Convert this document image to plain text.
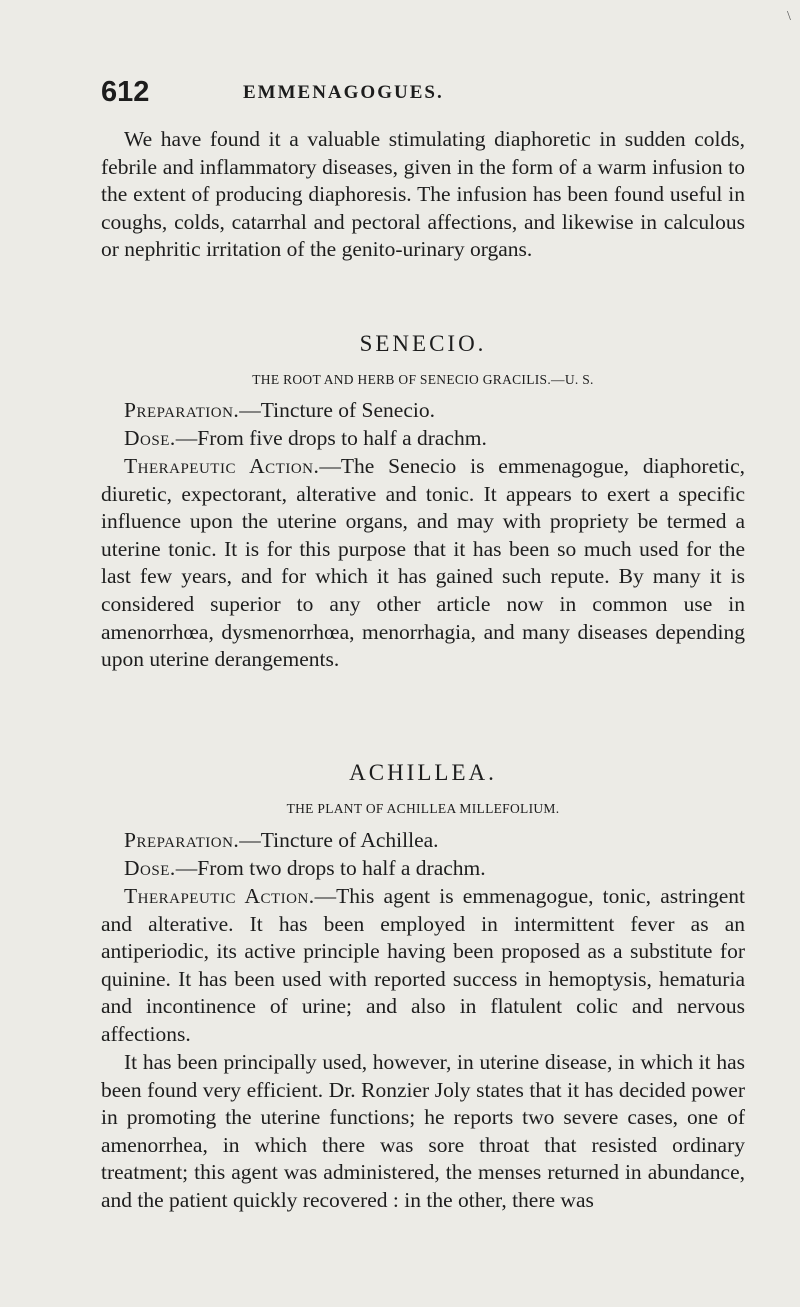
\
612	EMMENAGOGUES.

We have found it a valuable stimulating diaphoretic in sudden colds, febrile and inflammatory diseases, given in the form of a warm infusion to the extent of producing diaphoresis. The infusion has been found useful in coughs, colds, catarrhal and pectoral affections, and likewise in calculous or nephritic irritation of the genito-urinary organs.

SENECIO.

THE ROOT AND HERB OF SENECIO GRACILIS.—U. S.

Preparation.—Tincture of Senecio.

Dose.—From five drops to half a drachm.

Therapeutic Action.—The Senecio is emmenagogue, diaphoretic, diuretic, expectorant, alterative and tonic. It appears to exert a specific influence upon the uterine organs, and may with propriety be termed a uterine tonic. It is for this purpose that it has been so much used for the last few years, and for which it has gained such repute. By many it is considered superior to any other article now in common use in amenorrhœa, dysmenorrhœa, menorrhagia, and many diseases depending upon uterine derangements.

ACHILLEA.

THE PLANT OF ACHILLEA MILLEFOLIUM.

Preparation.—Tincture of Achillea.

Dose.—From two drops to half a drachm.

Therapeutic Action.—This agent is emmenagogue, tonic, astringent and alterative. It has been employed in intermittent fever as an antiperiodic, its active principle having been proposed as a substitute for quinine. It has been used with reported success in hemoptysis, hematuria and incontinence of urine; and also in flatulent colic and nervous affections.

It has been principally used, however, in uterine disease, in which it has been found very efficient. Dr. Ronzier Joly states that it has decided power in promoting the uterine functions; he reports two severe cases, one of amenorrhea, in which there was sore throat that resisted ordinary treatment; this agent was administered, the menses returned in abundance, and the patient quickly recovered : in the other, there was
